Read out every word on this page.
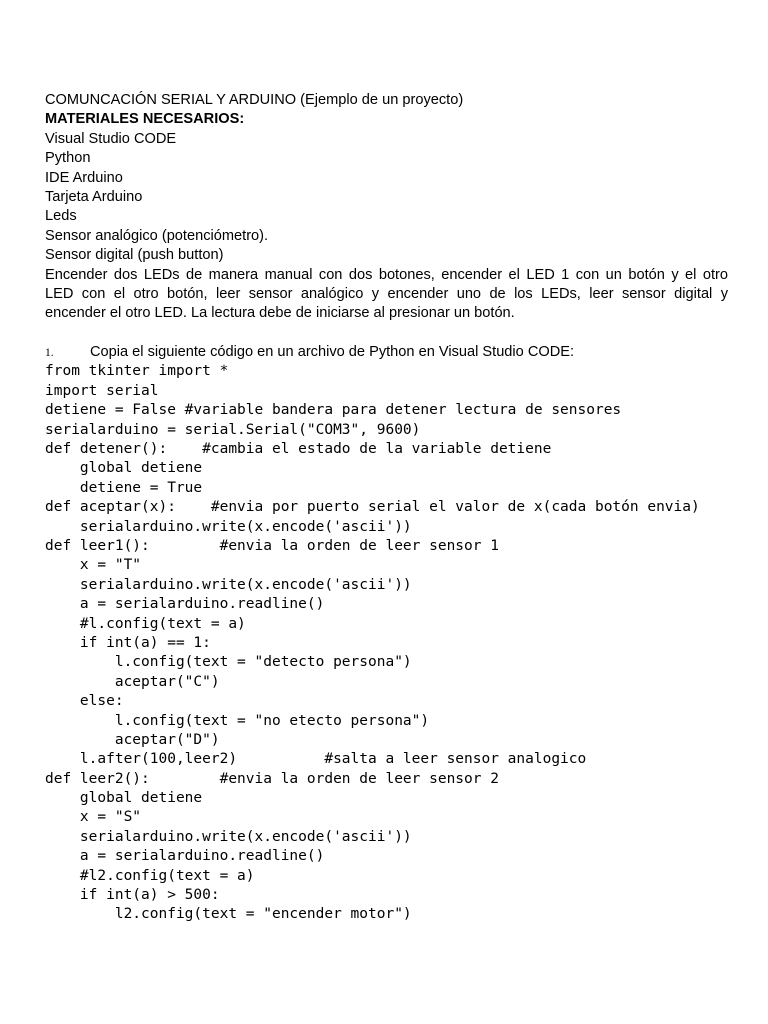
COMUNCACIÓN SERIAL Y ARDUINO (Ejemplo de un proyecto)
MATERIALES NECESARIOS:
Visual Studio CODE
Python
IDE Arduino
Tarjeta Arduino
Leds
Sensor analógico (potenciómetro).
Sensor digital (push button)
Encender dos LEDs de manera manual con dos botones, encender el LED 1 con un botón y el otro
LED con el otro botón, leer sensor analógico y encender uno de los LEDs, leer sensor digital y
encender el otro LED. La lectura debe de iniciarse al presionar un botón.
1.	Copia el siguiente código en un archivo de Python en Visual Studio CODE:
from tkinter import *
import serial
detiene = False #variable bandera para detener lectura de sensores
serialarduino = serial.Serial("COM3", 9600)
def detener():    #cambia el estado de la variable detiene
global detiene
detiene = True
def aceptar(x):    #envia por puerto serial el valor de x(cada botón envia)
serialarduino.write(x.encode('ascii'))
def leer1():        #envia la orden de leer sensor 1
x = "T"
serialarduino.write(x.encode('ascii'))
a = serialarduino.readline()
#l.config(text = a)
if int(a) == 1:
l.config(text = "detecto persona")
aceptar("C")
else:
l.config(text = "no etecto persona")
aceptar("D")
l.after(100,leer2)          #salta a leer sensor analogico
def leer2():        #envia la orden de leer sensor 2
global detiene
x = "S"
serialarduino.write(x.encode('ascii'))
a = serialarduino.readline()
#l2.config(text = a)
if int(a) > 500:
l2.config(text = "encender motor")
